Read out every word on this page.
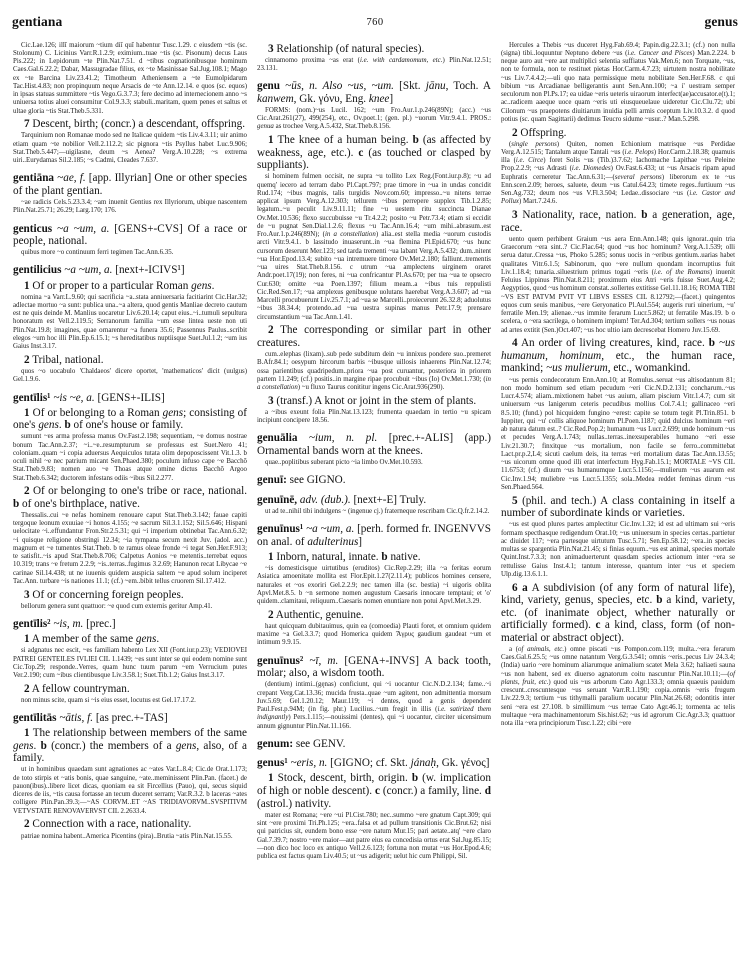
gentiana	760	genus
Cic.Lae.126; illī maiorum ~tium diī quī habentur Tusc.1.29. c eiusdem ~tis (sc. Stolonum) C. Licinius Varr.R.1.2.9; eximium..tuae ~tis (sc. Pisonum) decus Laus Pis.222; in Lepidorum ~te Plin.Nat.7.51. d ~tibus cognationibusque hominum Caes.Gal.6.22.2; Dabar, Massugradae filius, ex ~te Masinissae Sal.Jug.108.1; Mago ex ~te Barcina Liv.23.41.2; Timotheum Atheniensem a ~te Eumolpidarum Tac.Hist.4.83; non propinquum neque Arsacis de ~te Ann.12.14. e quos (sc. equos) in ipsas statuas summittere ~tis Vego.G.3.7.3; fere decimo ad internecionem anno ~s uniuersa totius aluei consumitur Col.9.3.3; stabuli..maritam, quem penes et saltus et ultae gloria ~tis Stat.Theb.5.331.
7 Descent, birth; (concr.) a descendant, offspring.
Tarquinium non Romanae modo sed ne Italicae quidem ~tis Liv.4.3.11; uir animo etiam quam ~te nobilior Vell.2.112.2; sic pignora ~tis Psyllus habet Luc.9.906; Stat.Theb.5.447;—uigilasne, deum ~s Aenea? Verg.A.10.228; ~s extrema uiri..Eurydamas Sil.2.185; ~s Cadmi, Cleades 7.637.
gentiāna ~ae, f. [app. Illyrian] One or other species of the plant gentian.
~ae radicis Cels.5.23.3.4; ~am inuenit Gentius rex Illyriorum, ubique nascentem Plin.Nat.25.71; 26.29; Larg.170; 176.
genticus ~a ~um, a. [GENS+-CVS] Of a race or people, national.
quibus more ~o continuum ferri tegimen Tac.Ann.6.35.
gentilicius ~a ~um, a. [next+-ICIVS¹]
1 Of or proper to a particular Roman gens.
nomina ~a Varr.L.9.60; qui sacrificia ~a..stata anniuersaria facitiarint Cic.Har.32; adlectae mortuo ~a sunt: publica una..~a altera, quod gentis Manliae decreto cautum est ne quis deinde M. Manlius uocaretur Liv.6.20.14; caput eius..~i..tumuli sepultura honoratum est Vell.2.119.5; Serranorum familia ~um esse lintea ueste non uti Plin.Nat.19.8; imagines, quae ornarentur ~a funera 35.6; Passennus Paulus..scribit elegos ~um hoc illi Plin.Ep.6.15.1; ~s hereditatibus nuptiisque Suet.Jul.1.2; ~um ius Gaius Inst.3.17.
2 Tribal, national.
quos ~o uocabulo 'Chaldaeos' dicere oportet, 'mathematicos' dicit (uulgus) Gel.1.9.6.
gentīlis¹ ~is ~e, a. [GENS+-ILIS]
1 Of or belonging to a Roman gens; consisting of one's gens. b of one's house or family.
sumunt ~es arma professa manus Ov.Fast.2.198; sequentiam, ~e domus nostrae bonum Tac.Ann.2.37; ~i..~e..resumpturum se professus est Suet.Nero 41; coloniam..quam ~i copia aduersus Aequiculos tutata olim depoposcissent Vit.1.3. b oculi nihil ~e nec patrium micant Sen.Phaed.380; poculum infuso cape ~e Bacchō Stat.Theb.9.83; nomen auo ~e Thoas atque omine dictus Bacchō Argoo Stat.Theb.6.342; ductorem infestans odiis ~ibus Sil.2.277.
2 Of or belonging to one's tribe or race, national. b of one's birthplace, native.
Thessalis..cui ~e nefas hominem renouare caput Stat.Theb.3.142; fauae capiti tergoque leonum exuuiae ~i honos 4.155; ~e sacrum Sil.3.1.152; Sil.5.646; Hispani uelocitate ~i..effundantur Fron.Str.2.5.31; qui ~i imperium obtinebat Tac.Ann.6.32; ~i quisque religione obstringi 12.34; ~ia tympana secum nexit Juv. (adol. acc.) magnum et ~e tumentes Stat.Theb. b te ramus oleae fronde ~i tegat Sen.Her.F.913; te satisfit..~is apud Stat.Theb.8.706; Calpetus Aonios ~e metentis..terrebat equos 10.319; trans ~e fretum 2.2.9; ~is..terras..fugimus 3.2.69; Hanunon recat Libycae ~e carinae Sil.14.438; ut ne iuuenis quidem auspicia saltem ~e apud solum inciperet Tac.Ann. turbare ~is nationes 11.1; (cf.) ~em..bibit tellus cruorem Sil.17.412.
3 Of or concerning foreign peoples.
bellorum genera sunt quattuor: ~e quod cum externis geritur Amp.41.
gentīlis² ~is, m. [prec.]
1 A member of the same gens.
si adgnatus nec escit, ~es familiam habento Lex XII (Font.iur.p.23); VEDIOVEI PATREI GENTEILES IVLIEI CIL 1.1439; ~es sunt inter se qui eodem nomine sunt Cic.Top.29; responde..Verres, quam hunc tuum parum ~em Verrucium putes Ver.2.190; cum ~ibus clientibusque Liv.3.58.1; Suet.Tib.1.2; Gaius Inst.3.17.
2 A fellow countryman.
non minus scite, quam si ~is eius esset, locutus est Gel.17.17.2.
gentīlitās ~ātis, f. [as prec.+-TAS]
1 The relationship between members of the same gens. b (concr.) the members of a gens, also, of a family.
ut in hominibus quaedam sunt agnationes ac ~ates Var.L.8.4; Cic.de Orat.1.173; de toto stirpis et ~atis bonis, quae sanguine, ~ate..meminissent Plin.Pan. (facet.) de pauon(ibus)..libere licet dicas, quoniam ea sit Fircellius (Pauo), qui, secus siquid diceres de iis, ~tis causa fortasse an tecum duceret serram; Var.R.3.2. b laceras ~ates colligere Plin.Pan.39.3;—~AS CORVM..ET ~AS TRIDIAVORVM..SVSPITIVM VETVSTATE RENOVAVERVST CIL 2.2633.4.
2 Connection with a race, nationality.
patriae nomina habent..America Picentins (pira)..Brutia ~atis Plin.Nat.15.55.
3 Relationship (of natural species).
cinnamomo proxima ~as erat (i.e. with cardamomum, etc.) Plin.Nat.12.51; 23.131.
genu ~ūs, n. Also ~us, ~um. [Skt. jānu, Toch. A kanwem, Gk. γόνυ, Eng. knee]
FORMS: (nom.)~us Lucil. 162; ~um Fro.Aur.1.p.246(89N); (acc.) ~us Cic.Arat.261(27), 499(254), etc., Ov.poet.1; (gen. pl.) ~uorum Vitr.9.4.1. PROS.: genua as trochee Verg.A.5.432, Stat.Theb.8.156.
1 The knee of a human being. b (as affected by weakness, age, etc.). c (as touched or clasped by suppliants).
si hominem fulmen occisit, ne supra ~u tollito Lex Reg.(Font.iur.p.8); ~u ad quemq' iecero ad terram dabo Pl.Capt.797; prae timore in ~ua in undas concidit Rud.174; ~ibus magnis, talis turgidis Nov.com.60; impresso..~u nitens terrae applicat ipsum Verg.A.12.303; tellurem ~ibus perrepere supplex Tib.1.2.85; legatum..~u peculit Liv.9.11.11; fine ~u uestem ritu succincta Dianae Ov.Met.10.536; flexo succubuisse ~u Tr.4.2.2; posito ~u Petr.73.4; etiam si eccidit de ~u pugnat Sen.Dial.1.2.6; flexus ~u Tac.Ann.16.4; ~um mihi..abrasum..est Fro.Aur.1.p.246(89N); (in a constellation) alia..est stella media ~uorum custodis arcti Vitr.9.4.1. b lassitudo inuaserunt..in ~ua flemina Pl.Epid.670; ~us hunc cursorum deserunt Mer.123; sed tarda trementi ~ua labant Verg.A.5.432; dum..nitent ~ua Hor.Epod.13.4; subito ~ua intremuere timore Ov.Met.2.180; falliunt..trementis ~ua uires Stat.Theb.8.156. c utrum ~ua amplectens uirginem oraret Andr.poet.17(19); non feres, ni ~ua confricantur Pl.As.670; per tua ~ua te opsecro Cur.630; omitte ~ua Poen.1397; filium meam..a ~ibus tuis reppulisti Cic.Red.Sen.17; ~ua amplexus genibusque uolutans haerebat Verg.A.3.607; ad ~ua Marcelli procubuerunt Liv.25.7.1; ad ~ua se Marcelli..proiecerunt 26.32.8; aduolutus ~ibus 38.34.4; protendo..ad ~ua uestra supinas manus Petr.17.9; prensare circumstantium ~ua Tac.Ann.1.41.
2 The corresponding or similar part in other creatures.
cum..elephas (lixam)..sub pede subditum dein ~u innixus pondere suo..premeret B.Afr.84.1; oesypum hircorum barbis ~ibusque uillosis inhaerens Plin.Nat.12.74; ossa parientibus quadripedum..priora ~ua post curuantur, posteriora in priorem partem 11.249; (cf.) positis..in margine ripae procubuit ~ibus (Io) Ov.Met.1.730; (in a constellation) ~u fluxo Taurus conititur ingens Cic.Arat.936(290).
3 (transf.) A knot or joint in the stem of plants.
a ~ibus exeunt folia Plin.Nat.13.123; frumenta quaedam in tertio ~u spicam incipiunt concipere 18.56.
genuālia ~ium, n. pl. [prec.+-ALIS] (app.) Ornamental bands worn at the knees.
quae..poplitibus suberant picto ~ia limbo Ov.Met.10.593.
genuī: see GIGNO.
genuīnē, adv. (dub.). [next+-E] Truly.
ut ad te..nihil tibi indulgens ~ (ingenue cj.) fraterneque rescribam Cic.Q.fr.2.14.2.
genuīnus¹ ~a ~um, a. [perh. formed fr. INGENVVS on anal. of adulterinus]
1 Inborn, natural, innate. b native.
~is domesticisque uirtutibus (eruditos) Cic.Rep.2.29; illa ~a feritas eorum Asiatica amoenitate mollita est Flor.Epit.1.27(2.11.4); publicos homines censere, naturales et ~os exoriri Gel.2.2.9; nec tamen illa (sc. bestia) ~i uigoris oblita Apvl.Met.8.5. b ~n sermone nomen augustum Caesaris innocare temptaui; et 'o' quidem..clamitaui, reliquum..Caesaris nomen enuntiare non potui Apvl.Met.3.29.
2 Authentic, genuine.
haut quicquam dubitauimus, quin ea (comoedia) Plauti foret, et omnium quidem maxime ~a Gel.3.3.7; quod Homerica quidem Ἄγρυς gaudium gaudeat ~um et intimum 9.9.15.
genuīnus² ~ī, m. [GENA+-INVS] A back tooth, molar; also, a wisdom tooth.
(dentium) intimi..(gęnas) conficiunt, qui ~i uocantur Cic.N.D.2.134; fame..~i crepant Verg.Cat.13.36; mucida frusta..quae ~um agitent, non admittentia morsum Juv.5.69; Gel.1.20.12; Maur.119; ~i dentes, quod a genis dependent Paul.Fest.p.94M; (in fig. phr.) Lucilius..~um fregit in illis (i.e. satirized them indignantly) Pers.1.115;—nouissimi (dentes), qui ~i uocantur, circiter uicensimum annum gignuntur Plin.Nat.11.166.
genum: see GENV.
genus¹ ~eris, n. [GIGNO; cf. Skt. jánaḥ, Gk. γένος]
1 Stock, descent, birth, origin. b (w. implication of high or noble descent). c (concr.) a family, line. d (astrol.) nativity.
mater est Romana; ~ere ~ui Pl.Cist.780; nec..summo ~ere gnatum Capt.309; qui sint ~ere proximi Tri.Ph.125; ~era..falsa et ad pullum transitionis Cic.Brut.62; nisi qui patricius sit, eundem bono esse ~ere natum Mur.15; pari aetate..atq' ~ere claro Gal.7.39.7; nostro ~ere maior—aut patre eius ea concedisia ortus erat Sal.Jug.85.15;—non dico hoc loco ex antiquo Vell.2.6.123; fortuna non mutat ~us Hor.Epod.4.6; publica est factus quam Liv.40.5; ut ~us adigerit; uelut hic cum Philippi, Sil.
Hercules a Thebis ~us duceret Hyg.Fab.69.4; Papin.dig.22.3.1; (cf.) non nulla (signa) tibi..loquuntur Neptuno debere ~us (i.e. Cancer and Pisces) Man.2.224. b neque auro aut ~ere aut multiplici selentia suffiatus Vak.Men.6; non Torquate, ~us, non te formula, non te restituet pietas Hor.Carm.4.7.23; uirtutem nostra nobilitate ~us Liv.7.4.4.2;—uli quo nata permissique metu nobilitate Sen.Her.F.68. c qui bibium ~us Arcadianae belligerantis aunt Sen.Ann.100; ~a i' uestram semper seculorum non Pl.Ps.17; ea uidae ~eris ueteris uiraorum interfect(ae)accusator.e(t).1; ac..radicem aaeque uoce quam ~eris uti eiusqueuelaue uideretur Cic.Clu.72; ubi Cilonum ~us praepotens diuitiarum inuidia pelli armis coeptum Liv.10.3.2. d quod potius (sc. quam Sagittarii) dedimus Teucro sidume ~usur..? Man.5.298.
2 Offspring.
(single persons) Quiten, nomen Echionium matrisque ~us Perdidae Verg.A.12.515; Tantalum atque Tantali ~us (i.e. Pelops) Hor.Carm.2.18.38; quamuis illa (i.e. Circe) foret Solis ~us (Tib.)3.7.62; Iachomache Lapithae ~us Peleine Prop.2.2.9; ~us Adrasti (i.e. Diomedes) Ov.Fast.6.433; ut ~us Arsacis ripam apud Euphratis cerneretur Tac.Ann.6.31;—(several persons) liberorum ex te ~us Enn.scen.2.09; heroes, saluete, deum ~us Catul.64.23; timete reges..furtiuum ~us Sen.Ag.732; deum nos ~us V.Fl.3.504; Ledae..dissociare ~us (i.e. Castor and Pollux) Mart.7.24.6.
3 Nationality, race, nation. b a generation, age, race.
uento quem perhibent Graium ~us aera Enn.Ann.148; quis ignorat..quin tria Graecorum ~era sint..? Cic.Flac.64; quod ~us hoc hominum? Verg.A.1.539; olli serua datur..Cressa ~us, Phoko 5.285; sonus uocis in ~eribus gentium..uarias habet qualitates Vitr.6.1.5; Sabinorum, quo ~ere nullum quondam incorruptius fuit Liv.1.18.4; tunaria..siluestrium primus togati ~eris (i.e. of the Romans) inuenit Feluius Lippinus Plin.Nat.8.211; proximum eius Atri ~eris fuisse Suet.Aug.4.2; Aegyptios, quod ~us hominum constat..sollertes extitisse Gel.11.18.16; ROMA TIBI ~VS EST PATVM PVIT VT LIBVS ESSES CIL 8.12792;—(facet.) quingentos equos cum seuis manibus, ~ere Geryonatico Pl.Aul.554; augeris ruri uinerium, ~u' ferratile Men.19; alienae..~us immite ferarum Lucr.5.862; ut ferratile Mas.19. b o scelera, o ~era sacrilega, o hominem impium! Ter.Ad.304; tertium sollers ~us nouas ad artes extitit (Sen.)Oct.407; ~us hoc ultio iam decrescebat Homero Juv.15.69.
4 An order of living creatures, kind, race. b ~us humanum, hominum, etc., the human race, mankind; ~us mulierum, etc., womankind.
~us pernis condecoratum Enn.Ann.10; at Romulus..seruat ~us altisodantum 81; non modo hominum sed etiam pecudum ~eri Cic.N.D.2.131; concharum..~us Lucr.4.574; aliam..mixtionem habet ~us auium, aliam piscium Vitr.1.4.7; cum sit uniuersum ~us lanigerum ceteris pecudibus mollius Col.7.4.1; gallinaceo ~eri 8.5.10; (fund.) pol hicquidem fungino ~erest: capite se totum tegit Pl.Trin.851. b Iuppiter, qui ~u' collis aliquoe hominum Pl.Poen.1187; quid dulcius hominum ~eri ab natura datum est..? Cic.Red.Pop.2; humanum ~us Lucr.2.699; unde hominum ~us et pecudes Verg.A.1.743; nullas..terras..inexsuperabiles humano ~eri esse Liv.21.30.7; finxitque ~us mortalium, non facile se ferro..committebat Lact.pr.p.2,L4; sicuti caelum deis, ita terras ~eri mortalium datas Tac.Ann.13.55; ~us uicorum omne quod illi erat interfectum Hyg.Fab.15.1; MORTALE ~VS CIL 11.6753; (cf.) diuum ~us humanumque Lucr.5.1156;—mulierum ~us auarum est Cic.Inv.1.94; muliebre ~us Lucr.5.1355; sola..Medea reddet feminas dirum ~us Sen.Phaed.564.
5 (phil. and tech.) A class containing in itself a number of subordinate kinds or varieties.
~us est quod plures partes amplectitur Cic.Inv.1.32; id est ad ultimam sui ~eris formam specthasque redigendum Orat.10; ~us uniuersum in species certas..partietur ac diuidet 117; ~era partesque uirtutum Tusc.5.71; Sen.Ep.58.12; ~era..in species multas se spargentia Plin.Nat.21.45; si finias equum..~us est animal, species mortale Quint.Inst.7.3.3; non animaduerterunt quasdam species actionum inter ~era se rettulisse Gaius Inst.4.1; tantum interesse, quantum inter ~us et speciem Ulp.dig.13.6.1.1.
6 a A subdivision (of any form of natural life), kind, variety, genus, species, etc. b a kind, variety, etc. (of inanimate object, whether naturally or artificially formed). c a kind, class, form (of non-material or abstract object).
a (of animals, etc.) omne piscati ~us Pompon.com.119; multa..~era ferarum Caes.Gal.6.25.5; ~us omne natantum Verg.G.3.541; omnis ~eris..pecus Liv 24.3.4; (India) uario ~ere hominum aliarumque animalium scatet Mela 3.62; haliaeti sauna ~us non habent, sed ex diuerso agnatorum coitu nascuntur Plin.Nat.10.11;—(of plants, fruit, etc.) quod uis ~us arborum Cato Agr.133.3; omnia quaeuis pauidum crescunt..crescuntesque ~us seruant Varr.R.1.190; copia..omnis ~eris frugum Liv.22.9.3; tertium ~us tithymalli paralium uocatur Plin.Nat.26.68; odontitis inter seni ~era est 27.108. b simillimum ~us terrae Cato Agr.46.1; tormenta ac telis multaque ~era machinamentorum Sis.hist.62; ~us id agrorum Cic.Agr.3.3; quattuor nota illa ~era principiorum Tusc.1.22; cibi ~ere
